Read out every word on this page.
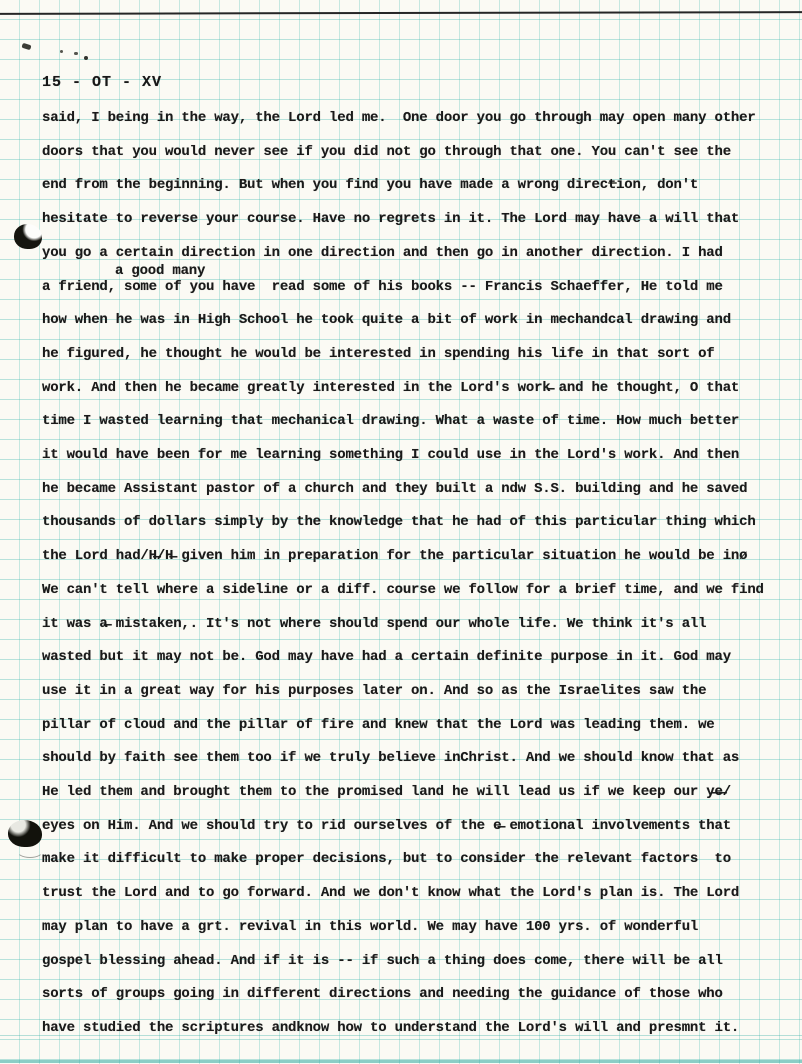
15 - OT - XV
said, I being in the way, the Lord led me.  One door you go through may open many other
doors that you would never see if you did not go through that one. You can't see the
end from the beginning. But when you find you have made a wrong direction, don't
hesitate to reverse your course. Have no regrets in it. The Lord may have a will that
you go a certain direction in one direction and then go in another direction. I had
a friend, some of you have  read some of his books -- Francis Schaeffer, He told me
how when he was in High School he took quite a bit of work in mechandcal drawing and
he figured, he thought he would be interested in spending his life in that sort of
work. And then he became greatly interested in the Lord's work̶ and he thought, O that
time I wasted learning that mechanical drawing. What a waste of time. How much better
it would have been for me learning something I could use in the Lord's work. And then
he became Assistant pastor of a church and they built a ndw S.S. building and he saved
thousands of dollars simply by the knowledge that he had of this particular thing which
the Lord had/H̶/H̶ given him in preparation for the particular situation he would be inø
We can't tell where a sideline or a diff. course we follow for a brief time, and we find
it was a̶ mistaken,. It's not where should spend our whole life. We think it's all
wasted but it may not be. God may have had a certain definite purpose in it. God may
use it in a great way for his purposes later on. And so as the Israelites saw the
pillar of cloud and the pillar of fire and knew that the Lord was leading them. we
should by faith see them too if we truly believe inChrist. And we should know that as
He led them and brought them to the promised land he will lead us if we keep our y̶e̶/
eyes on Him. And we should try to rid ourselves of the e̶ emotional involvements that
make it difficult to make proper decisions, but to consider the relevant factors  to
trust the Lord and to go forward. And we don't know what the Lord's plan is. The Lord
may plan to have a grt. revival in this world. We may have 100 yrs. of wonderful
gospel blessing ahead. And if it is -- if such a thing does come, there will be all
sorts of groups going in different directions and needing the guidance of those who
have studied the scriptures andknow how to understand the Lord's will and presmnt it.
a good many
